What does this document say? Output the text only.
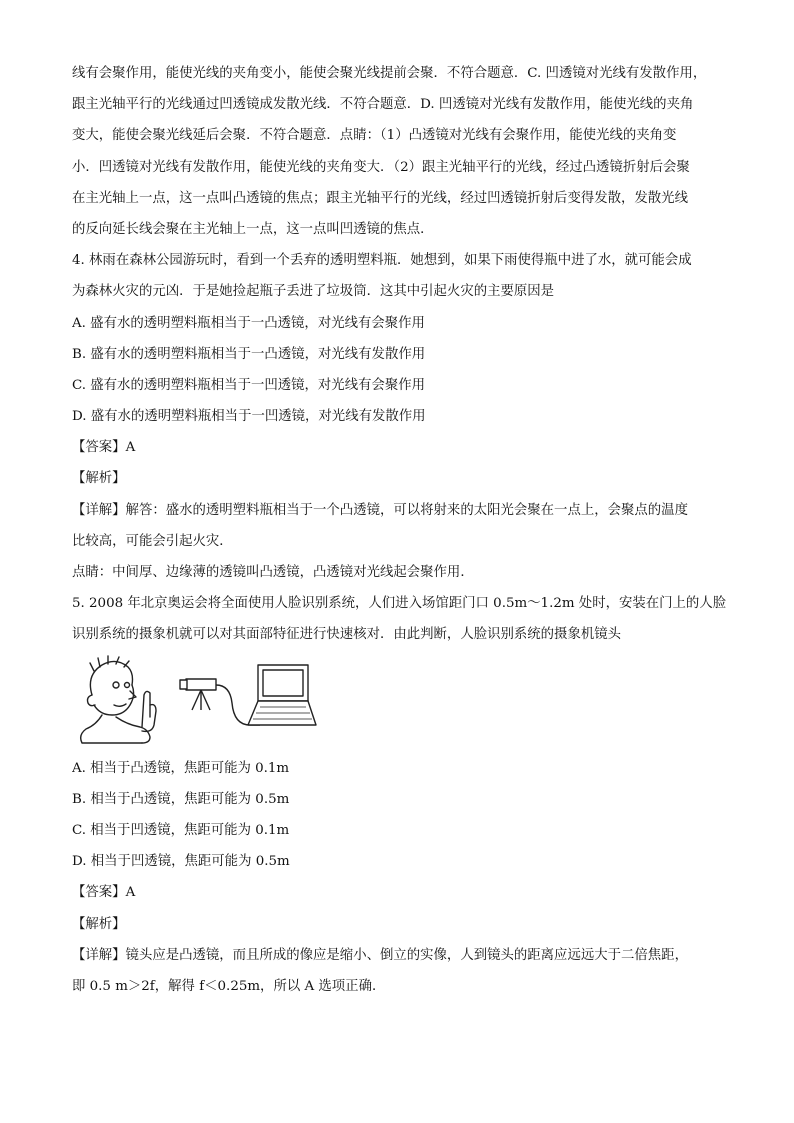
线有会聚作用，能使光线的夹角变小，能使会聚光线提前会聚．不符合题意．C. 凹透镜对光线有发散作用，
跟主光轴平行的光线通过凹透镜成发散光线．不符合题意．D. 凹透镜对光线有发散作用，能使光线的夹角
变大，能使会聚光线延后会聚．不符合题意．点睛：（1）凸透镜对光线有会聚作用，能使光线的夹角变
小．凹透镜对光线有发散作用，能使光线的夹角变大．（2）跟主光轴平行的光线，经过凸透镜折射后会聚
在主光轴上一点，这一点叫凸透镜的焦点；跟主光轴平行的光线，经过凹透镜折射后变得发散，发散光线
的反向延长线会聚在主光轴上一点，这一点叫凹透镜的焦点．
4. 林雨在森林公园游玩时，看到一个丢弃的透明塑料瓶．她想到，如果下雨使得瓶中进了水，就可能会成
为森林火灾的元凶．于是她捡起瓶子丢进了垃圾筒．这其中引起火灾的主要原因是
A. 盛有水的透明塑料瓶相当于一凸透镜，对光线有会聚作用
B. 盛有水的透明塑料瓶相当于一凸透镜，对光线有发散作用
C. 盛有水的透明塑料瓶相当于一凹透镜，对光线有会聚作用
D. 盛有水的透明塑料瓶相当于一凹透镜，对光线有发散作用
【答案】A
【解析】
【详解】解答：盛水的透明塑料瓶相当于一个凸透镜，可以将射来的太阳光会聚在一点上，会聚点的温度
比较高，可能会引起火灾．
点睛：中间厚、边缘薄的透镜叫凸透镜，凸透镜对光线起会聚作用．
5. 2008 年北京奥运会将全面使用人脸识别系统，人们进入场馆距门口 0.5m～1.2m 处时，安装在门上的人脸
识别系统的摄象机就可以对其面部特征进行快速核对．由此判断，人脸识别系统的摄象机镜头
A. 相当于凸透镜，焦距可能为 0.1m
B. 相当于凸透镜，焦距可能为 0.5m
C. 相当于凹透镜，焦距可能为 0.1m
D. 相当于凹透镜，焦距可能为 0.5m
【答案】A
【解析】
【详解】镜头应是凸透镜，而且所成的像应是缩小、倒立的实像，人到镜头的距离应远远大于二倍焦距，
即 0.5 m＞2f，解得 f＜0.25m，所以 A 选项正确．
